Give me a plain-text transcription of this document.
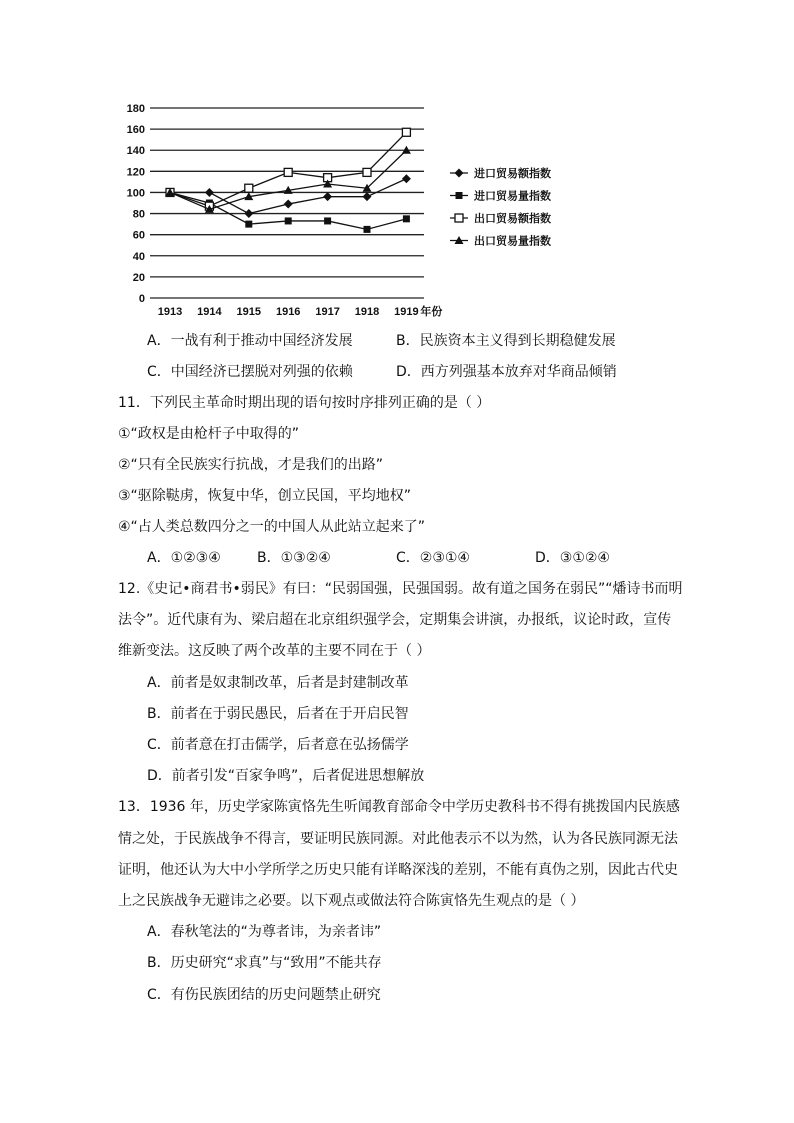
0
20
40
60
80
100
120
140
160
180
1913 1914 1915 1916 1917 1918 1919 年份
进口贸易额指数
进口贸易量指数
出口贸易额指数
出口贸易量指数
A．一战有利于推动中国经济发展	B．民族资本主义得到长期稳健发展
C．中国经济已摆脱对列强的依赖	D．西方列强基本放弃对华商品倾销
11．下列民主革命时期出现的语句按时序排列正确的是（ ）
①“政权是由枪杆子中取得的”
②“只有全民族实行抗战，才是我们的出路”
③“驱除鞑虏，恢复中华，创立民国，平均地权”
④“占人类总数四分之一的中国人从此站立起来了”
A．①②③④	B．①③②④	C．②③①④	D．③①②④
12.《史记•商君书•弱民》有曰：“民弱国强，民强国弱。故有道之国务在弱民”“燔诗书而明
法令”。近代康有为、梁启超在北京组织强学会，定期集会讲演，办报纸，议论时政，宣传
维新变法。这反映了两个改革的主要不同在于（ ）
A．前者是奴隶制改革，后者是封建制改革
B．前者在于弱民愚民，后者在于开启民智
C．前者意在打击儒学，后者意在弘扬儒学
D．前者引发“百家争鸣”，后者促进思想解放
13．1936 年，历史学家陈寅恪先生听闻教育部命令中学历史教科书不得有挑拨国内民族感
情之处，于民族战争不得言，要证明民族同源。对此他表示不以为然，认为各民族同源无法
证明，他还认为大中小学所学之历史只能有详略深浅的差别，不能有真伪之别，因此古代史
上之民族战争无避讳之必要。以下观点或做法符合陈寅恪先生观点的是（ ）
A．春秋笔法的“为尊者讳，为亲者讳”
B．历史研究“求真”与“致用”不能共存
C．有伤民族团结的历史问题禁止研究
